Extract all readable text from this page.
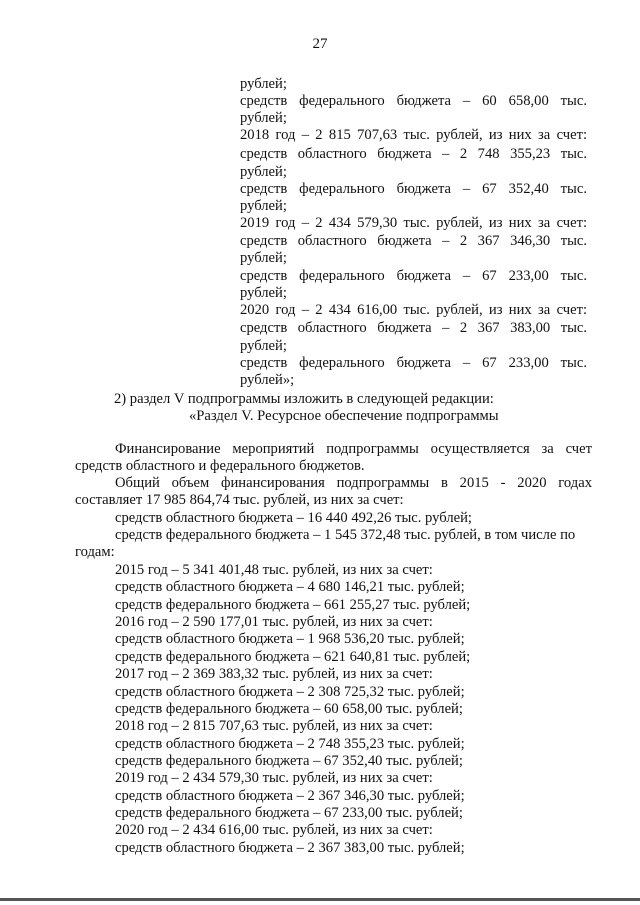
27
рублей;
средств федерального бюджета – 60 658,00 тыс.
рублей;
2018 год – 2 815 707,63 тыс. рублей, из них за счет:
средств областного бюджета – 2 748 355,23 тыс.
рублей;
средств федерального бюджета – 67 352,40 тыс.
рублей;
2019 год – 2 434 579,30 тыс. рублей, из них за счет:
средств областного бюджета – 2 367 346,30 тыс.
рублей;
средств федерального бюджета – 67 233,00 тыс.
рублей;
2020 год – 2 434 616,00 тыс. рублей, из них за счет:
средств областного бюджета – 2 367 383,00 тыс.
рублей;
средств федерального бюджета – 67 233,00 тыс.
рублей»;
2) раздел V подпрограммы изложить в следующей редакции:
«Раздел V. Ресурсное обеспечение подпрограммы
Финансирование мероприятий подпрограммы осуществляется за счет
средств областного и федерального бюджетов.
Общий объем финансирования подпрограммы в 2015 - 2020 годах
составляет 17 985 864,74 тыс. рублей, из них за счет:
средств областного бюджета – 16 440 492,26 тыс. рублей;
средств федерального бюджета – 1 545 372,48 тыс. рублей, в том числе по
годам:
2015 год – 5 341 401,48 тыс. рублей, из них за счет:
средств областного бюджета – 4 680 146,21 тыс. рублей;
средств федерального бюджета – 661 255,27 тыс. рублей;
2016 год – 2 590 177,01 тыс. рублей, из них за счет:
средств областного бюджета – 1 968 536,20 тыс. рублей;
средств федерального бюджета – 621 640,81 тыс. рублей;
2017 год – 2 369 383,32 тыс. рублей, из них за счет:
средств областного бюджета – 2 308 725,32 тыс. рублей;
средств федерального бюджета – 60 658,00 тыс. рублей;
2018 год – 2 815 707,63 тыс. рублей, из них за счет:
средств областного бюджета – 2 748 355,23 тыс. рублей;
средств федерального бюджета – 67 352,40 тыс. рублей;
2019 год – 2 434 579,30 тыс. рублей, из них за счет:
средств областного бюджета – 2 367 346,30 тыс. рублей;
средств федерального бюджета – 67 233,00 тыс. рублей;
2020 год – 2 434 616,00 тыс. рублей, из них за счет:
средств областного бюджета – 2 367 383,00 тыс. рублей;
